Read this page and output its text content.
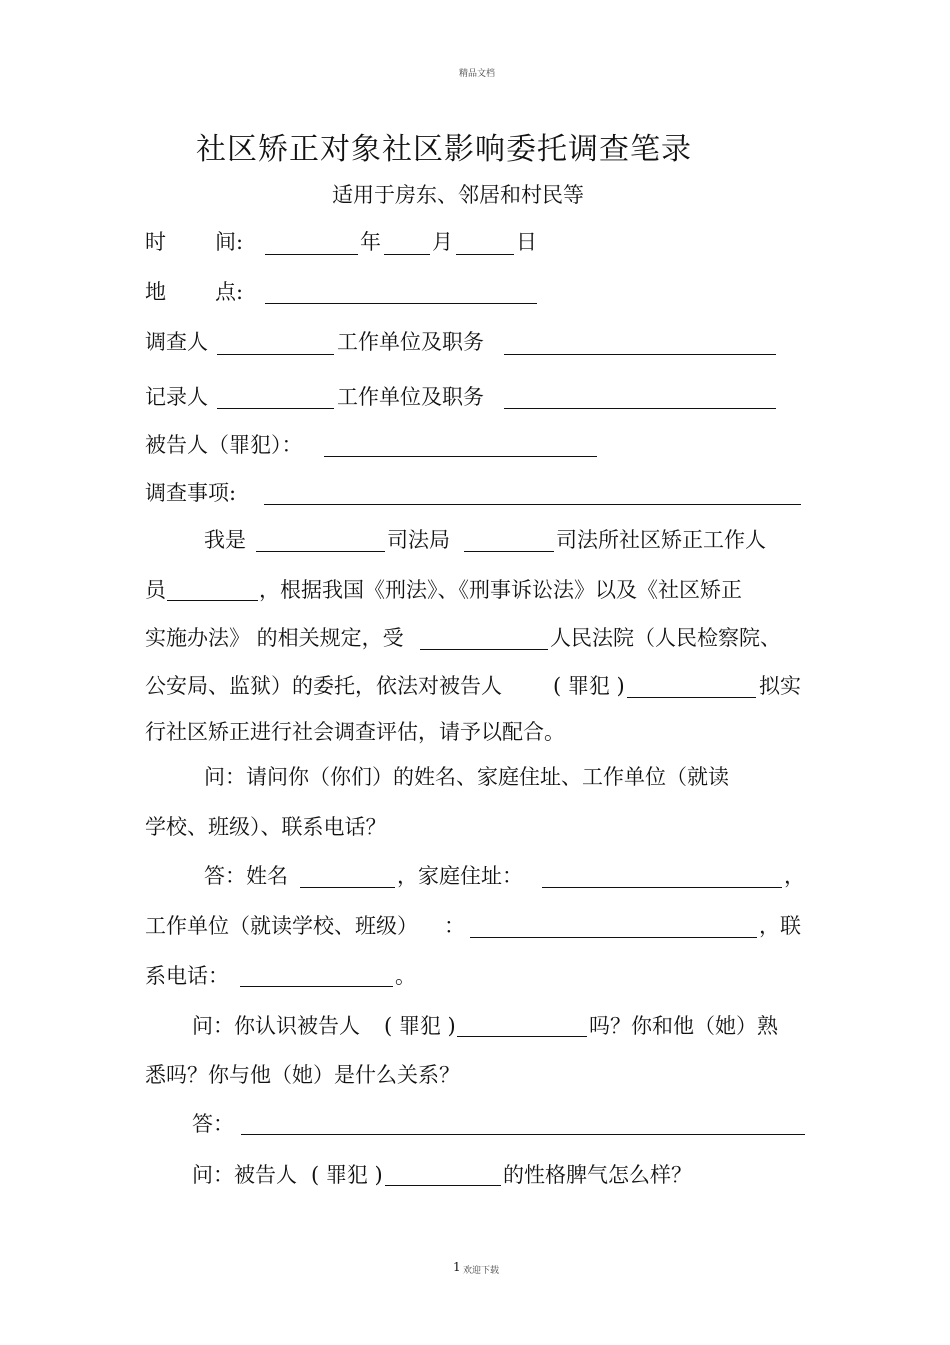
精品文档
社区矫正对象社区影响委托调查笔录
适用于房东、邻居和村民等
时 间:	年 月	日
地 点:
调查人	工作单位及职务
记录人	工作单位及职务
被告人（罪犯）：
调查事项:
我是	司法局	司法所社区矫正工作人
员	，根据我国《刑法》、《刑事诉讼法》以及《社区矫正
实施办法》 的相关规定，受	人民法院（人民检察院、
公安局、监狱）的委托，依法对被告人 ( 罪犯 )	拟实
行社区矫正进行社会调查评估，请予以配合。
问：请问你（你们）的姓名、家庭住址、工作单位（就读
学校、班级）、联系电话？
答：姓名	，家庭住址：	，
工作单位（就读学校、班级） ：	，联
系电话：	。
问：你认识被告人 ( 罪犯 )	吗？你和他（她）熟
悉吗？你与他（她）是什么关系？
答：
问：被告人 ( 罪犯 )	的性格脾气怎么样？
1 欢迎下载
